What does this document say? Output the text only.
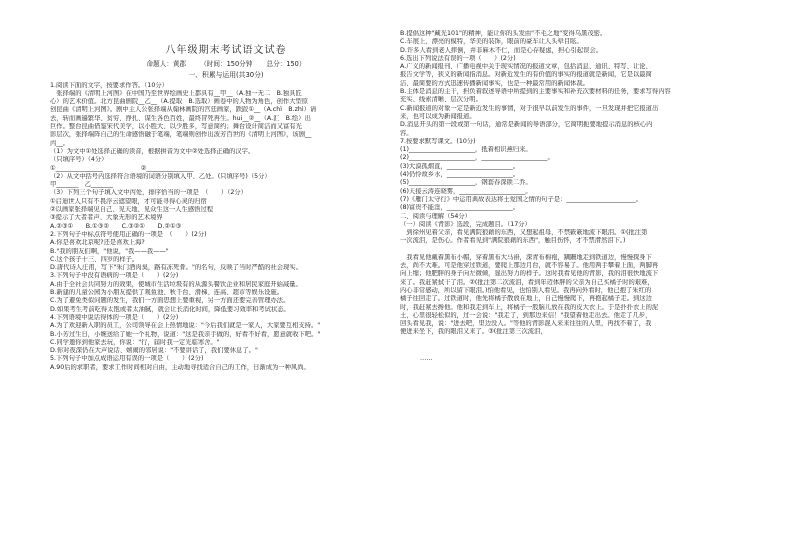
八年级期末考试语文试卷
命题人：黄郡 （时间：150分钟 总分：150）
一、积累与运用(共30分)
1.阅读下面的文字，按要求作答。（10分）
　张择端的《清明上河图》在中国乃至世界绘画史上都具有__甲__（A.独一无二　B.独具匠
心）的艺术价值。北方昆曲剧院__乙__（A.提取　B.选取）画卷中的人物为角色，创作大型原
创昆曲《清明上河图》。剧中主人公张择端从翰林画院的宫廷画家，跌跤①__（A.chì　B.zhì）请
去，转而画遍繁华、贫穷、挣扎、谋生各色百姓，最终冒死再生。hui__②__（A.汇　B.绘）出
巨作。整台昆曲借鉴宋代美学，以小胜大、以少胜多，写意简约；舞台设计简洁而又富有光
影层次，张择端阵自己的生命感悟融于笔端，笔端则创作出波芳百世的《清明上河图》，该剧__
丙__。
（1）为文中①处选择正确的读音，根据拼音为文中②处选择正确的汉字。
（只填序号）（4分）
①_______________　　　　　　②_______________
（2）从文中括号内选择符合语境的词语分别填入甲、乙处。(只填序号)（5分）
甲_______　乙_______
（3）下列三个句子填入文中丙处，排序恰当的一项是　（　　）（2分）
①启迪世人只有不畏浮云遮望眼，才可能寻得心灵的归宿
②以画家张择端见自己、见天地、见众生这一人生感悟过程
③提示了大者者声、大象无形的艺术境界
A.②③①　　B.①③②　　C.③②①　　D.②①③
2.下列句子中标点符号使用正确的一项是　（　　）(2分)
A.你是喜欢北京呢?还是喜欢上海?
B."我的朋友们啊，"他说，"我——我——"
C.这个孩子十三、四岁的样子。
D.唐代诗人庄甫，写下"朱门酒肉臭，路有冻死骨。"的名句，反映了当时严酷的社会现实。
3.下列句子中没有语病的一项是（　　）(2分)
A.由于全社会共同努力的效果，使城市生活垃圾有的从源头餐饮企业和居民家庭开始减量。
B.新建的儿童公园为小朋友提供了观鱼池、秋千台、滑梯、连高、超市等娱乐设施。
C.为了避免类似问题的发生，我们一方面思想上要重视，另一方面还要完善管理办法。
D.如果考生考前吃得太饱或者太油腻，就会让长消化时间，降低要习效率和考试状态。
4.下列语境中说话得体的一项是（　　）(2分)
A.为了欢迎新入职的员工，公司领导在会上热情地说："今后我们就是一家人，大家要互相支持。"
B.小芳过生日，小婉送给了她一个礼物，说道："这是我亲手做的，好看不好看，愿意就收下吧。"
C.同学邀你到他家去玩，你说："行，届时我一定光临寒舍。"
D.你对夜深仍在大声说话、嬉闹的邻居说："不要讲话了，我们要休息了。"
5.下列句子中加点成语运用有误的一项是（　　）(2分)
A.90后的求职者，要求工作时间相对自由，主动地寻找适合自己的工作，日渐成为一种风尚。
B.提倡这种"藏光101"的精神，能让你的头发由"不毛之地"变得乌黑茂密。
C.车展上，漂亮的模特，华美的装饰，眼前的豪车让人头晕目眩。
D.许多人看到老人摔倒，并非麻木不仁，而是心存疑虑，担心引起误会。
6.选出下列说法有误的一项（　　）(2分)
A.广义的新闻报刊、广播电视中关于现实情况的报道文章，包括消息、通讯、特写、让论、
报告文学等，狭义的新闻指消息。对新近发生的有价值的事实的报道就是新闻，它是以最简
洁、最简要的方式迅速传播新闻事实，也是一种最常用的新闻体裁。
B.主体是消息的主干，担负着叙述导语中所提到的主要事实和补充次要材料的任务，要求写得内容
充实、线索清晰、层次分明。
C.新闻报道的对象一定是新近发生的事情，对于很早以前发生的事件，一旦发现并把它报道出
来，也可以成为新闻报道。
D.消息开头的第一段或第一句话，通常是新闻的导语部分，它简明扼要地提示消息的核心内
容。
7.按要求默写课文。(10分)
(1)_____________________，抵着相识燕归来。
(2)_____________________，_____________________。
(3)大漠孤烟直，_____________________。
(4)仍怜故乡水，_____________________。
(5)_____________________，钢套春深锁二乔。
(6)天接云涛连晓雾，_____________________。
(7)《雁门太守行》中运用典故表达将士爱国之情的句子是：______________________。
(8)富贵不能淫，_____________________。
二、阅读与理解（54分）
（一）阅读《背影》选段，完成题目。（17分）
　到徐州见着父亲，看见满院狼藉的东西，又想起祖母，不禁簌簌地流下眼泪。①(批注第
一次流泪，是伤心。作者看见到"满院狼藉的东西"，触目伤怀，才不禁潸然泪下。)
　我看见他戴着黑布小帽，穿着黑布大马褂，深青布棉袍，蹒跚地走到铁道边，慢慢探身下
去，尚不大难。可是他穿过铁道，要爬上那边月台，就不容易了。他用两手攀着上面，两脚再
向上缩；他肥胖的身子向左微倾，显出努力的样子。这时我看见他的背影，我的泪很快地流下
来了。我赶紧拭干了泪。②(批注第二次流泪，看到年迈体胖的父亲为自己买橘子时的艰难，
内心非常感动，所以留下眼泪。)怕他看见，也怕别人看见。我再向外看时，他已抱了朱红的
橘子往回走了。过铁道时，他先将橘子散放在地上，自己慢慢爬下，再抱起橘子走。到这边
时，我赶紧去搀他。他和我走到车上，将橘子一股脑儿放在我的皮大衣上。于是扑扑衣上的泥
土，心里很轻松似的，过一会说："我走了，到那边来信！"我望着他走出去。他走了几步，
回头看见我，说："进去吧，里边没人。"等他的背影混入来来往往的人里，再找不着了，我
便进来坐下，我的眼泪又来了。③(批注第三次流泪，
……
